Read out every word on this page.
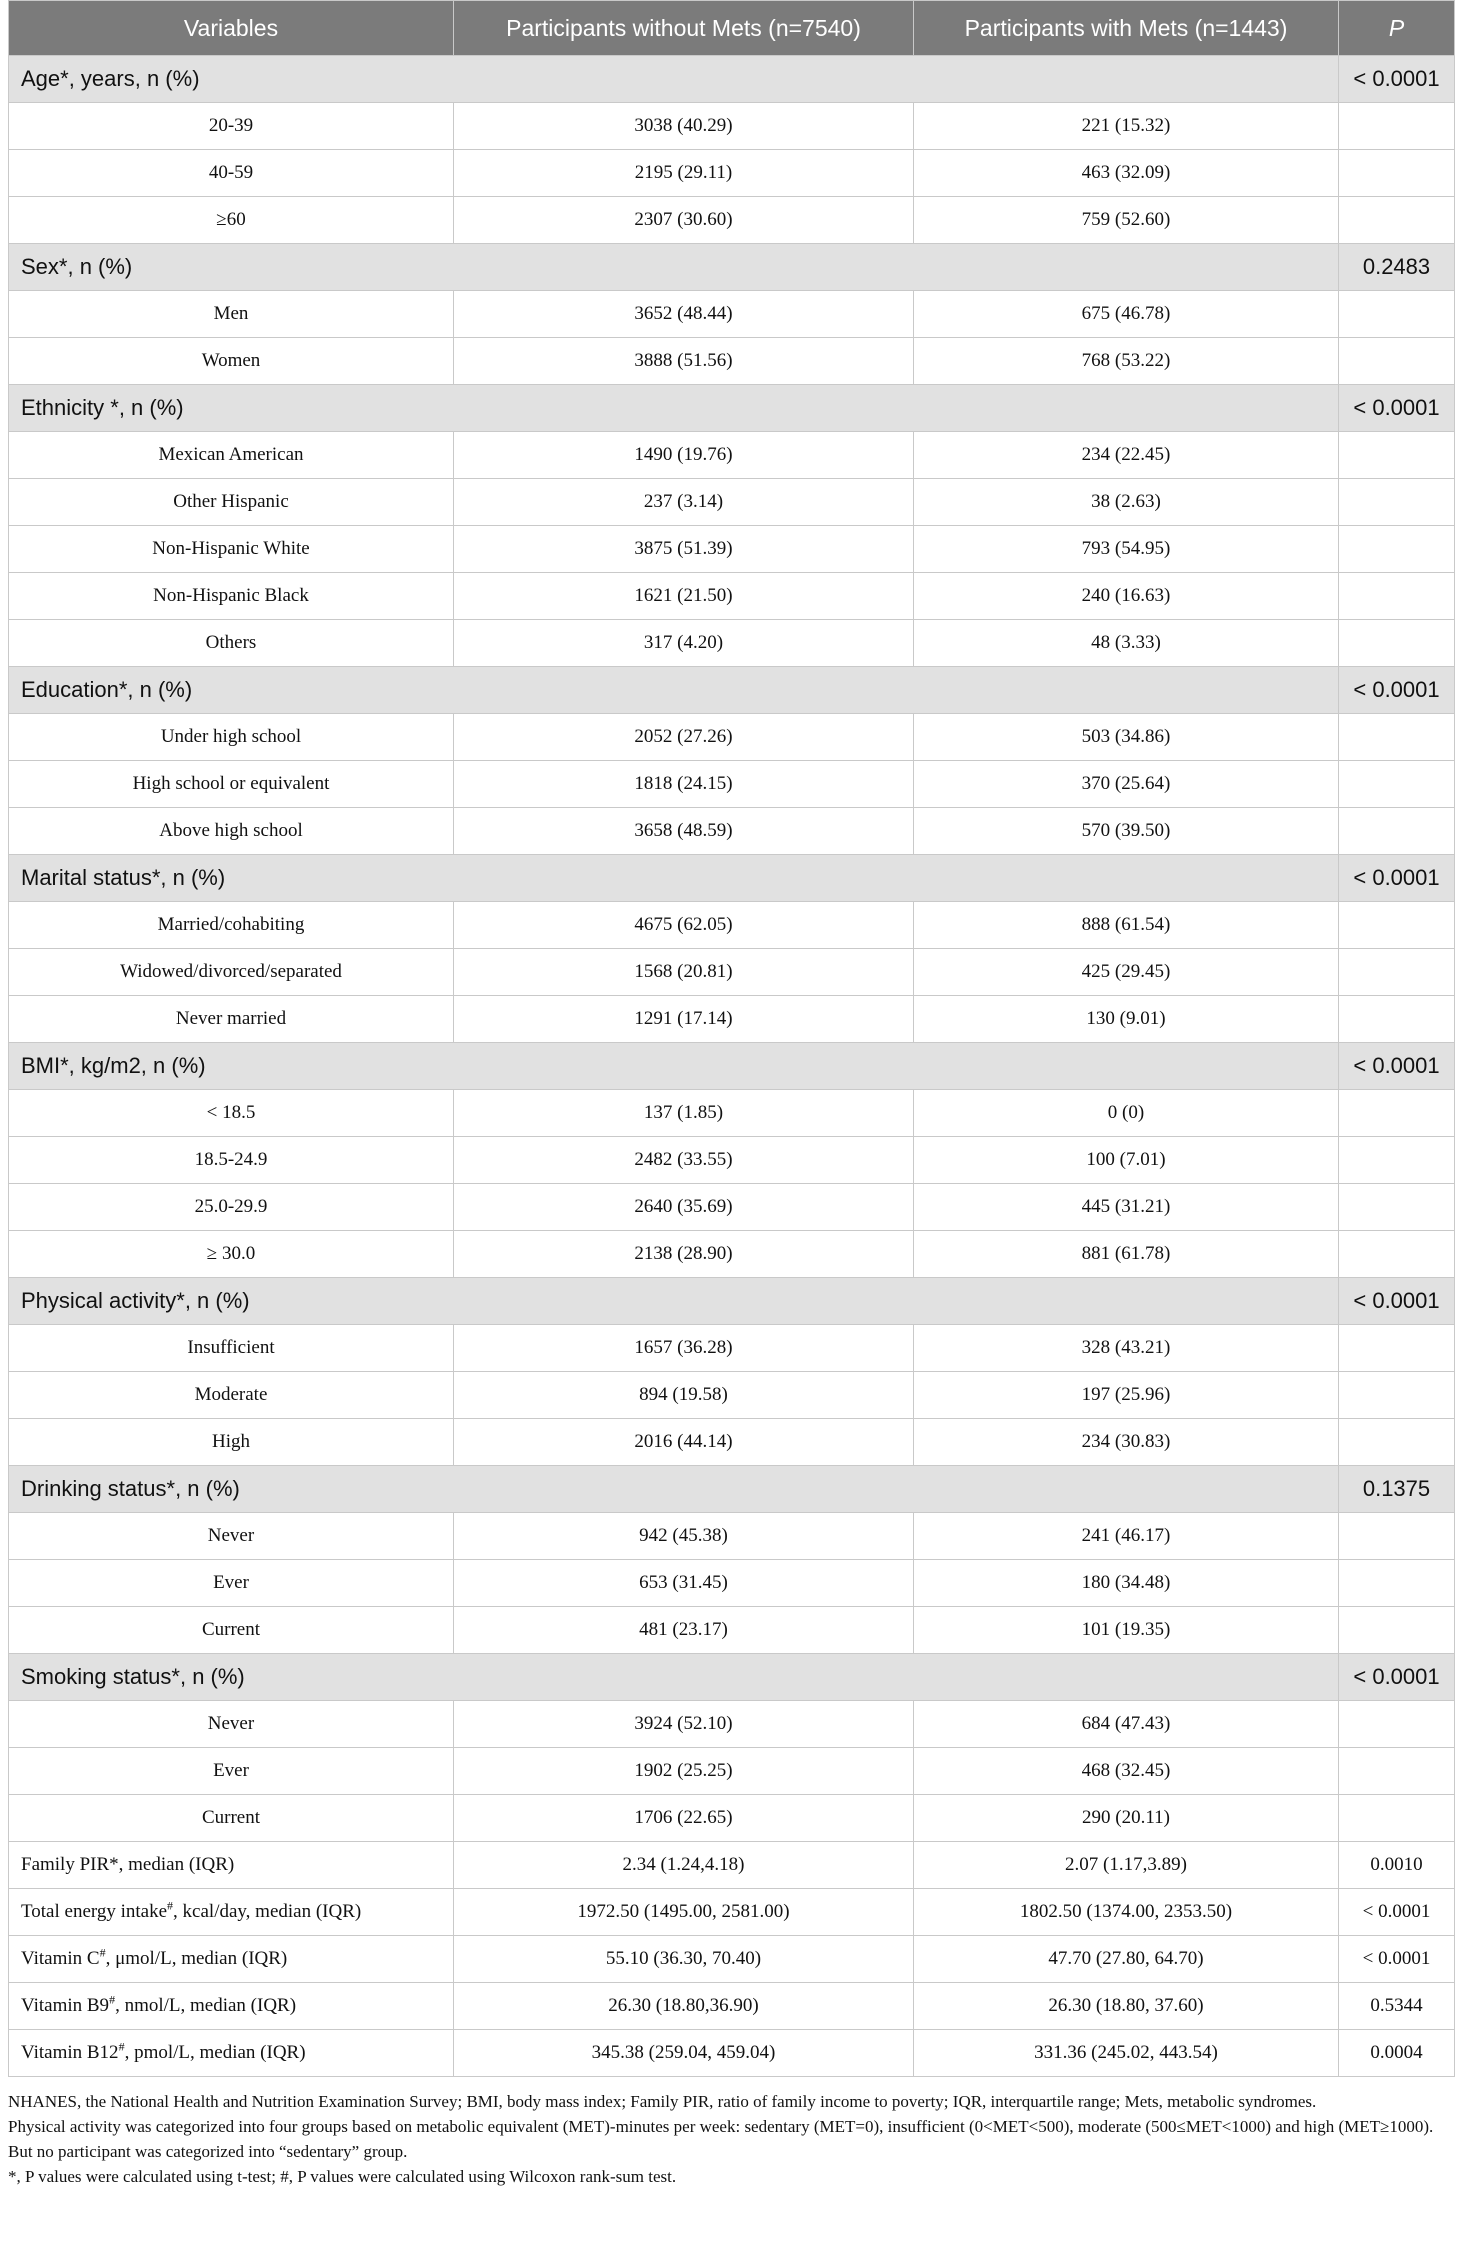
Variables	Participants without Mets (n=7540)	Participants with Mets (n=1443)	P
Age*, years, n (%)			< 0.0001
20-39	3038 (40.29)	221 (15.32)	
40-59	2195 (29.11)	463 (32.09)	
≥60	2307 (30.60)	759 (52.60)	
Sex*, n (%)			0.2483
Men	3652 (48.44)	675 (46.78)	
Women	3888 (51.56)	768 (53.22)	
Ethnicity *, n (%)			< 0.0001
Mexican American	1490 (19.76)	234 (22.45)	
Other Hispanic	237 (3.14)	38 (2.63)	
Non-Hispanic White	3875 (51.39)	793 (54.95)	
Non-Hispanic Black	1621 (21.50)	240 (16.63)	
Others	317 (4.20)	48 (3.33)	
Education*, n (%)			< 0.0001
Under high school	2052 (27.26)	503 (34.86)	
High school or equivalent	1818 (24.15)	370 (25.64)	
Above high school	3658 (48.59)	570 (39.50)	
Marital status*, n (%)			< 0.0001
Married/cohabiting	4675 (62.05)	888 (61.54)	
Widowed/divorced/separated	1568 (20.81)	425 (29.45)	
Never married	1291 (17.14)	130 (9.01)	
BMI*, kg/m2, n (%)			< 0.0001
< 18.5	137 (1.85)	0 (0)	
18.5-24.9	2482 (33.55)	100 (7.01)	
25.0-29.9	2640 (35.69)	445 (31.21)	
≥ 30.0	2138 (28.90)	881 (61.78)	
Physical activity*, n (%)			< 0.0001
Insufficient	1657 (36.28)	328 (43.21)	
Moderate	894 (19.58)	197 (25.96)	
High	2016 (44.14)	234 (30.83)	
Drinking status*, n (%)			0.1375
Never	942 (45.38)	241 (46.17)	
Ever	653 (31.45)	180 (34.48)	
Current	481 (23.17)	101 (19.35)	
Smoking status*, n (%)			< 0.0001
Never	3924 (52.10)	684 (47.43)	
Ever	1902 (25.25)	468 (32.45)	
Current	1706 (22.65)	290 (20.11)	
Family PIR*, median (IQR)	2.34 (1.24,4.18)	2.07 (1.17,3.89)	0.0010
Total energy intake#, kcal/day, median (IQR)	1972.50 (1495.00, 2581.00)	1802.50 (1374.00, 2353.50)	< 0.0001
Vitamin C#, μmol/L, median (IQR)	55.10 (36.30, 70.40)	47.70 (27.80, 64.70)	< 0.0001
Vitamin B9#, nmol/L, median (IQR)	26.30 (18.80,36.90)	26.30 (18.80, 37.60)	0.5344
Vitamin B12#, pmol/L, median (IQR)	345.38 (259.04, 459.04)	331.36 (245.02, 443.54)	0.0004

NHANES, the National Health and Nutrition Examination Survey; BMI, body mass index; Family PIR, ratio of family income to poverty; IQR, interquartile range; Mets, metabolic syndromes.

Physical activity was categorized into four groups based on metabolic equivalent (MET)-minutes per week: sedentary (MET=0), insufficient (0<MET<500), moderate (500≤MET<1000) and high (MET≥1000). But no participant was categorized into “sedentary” group.

*, P values were calculated using t-test; #, P values were calculated using Wilcoxon rank-sum test.
